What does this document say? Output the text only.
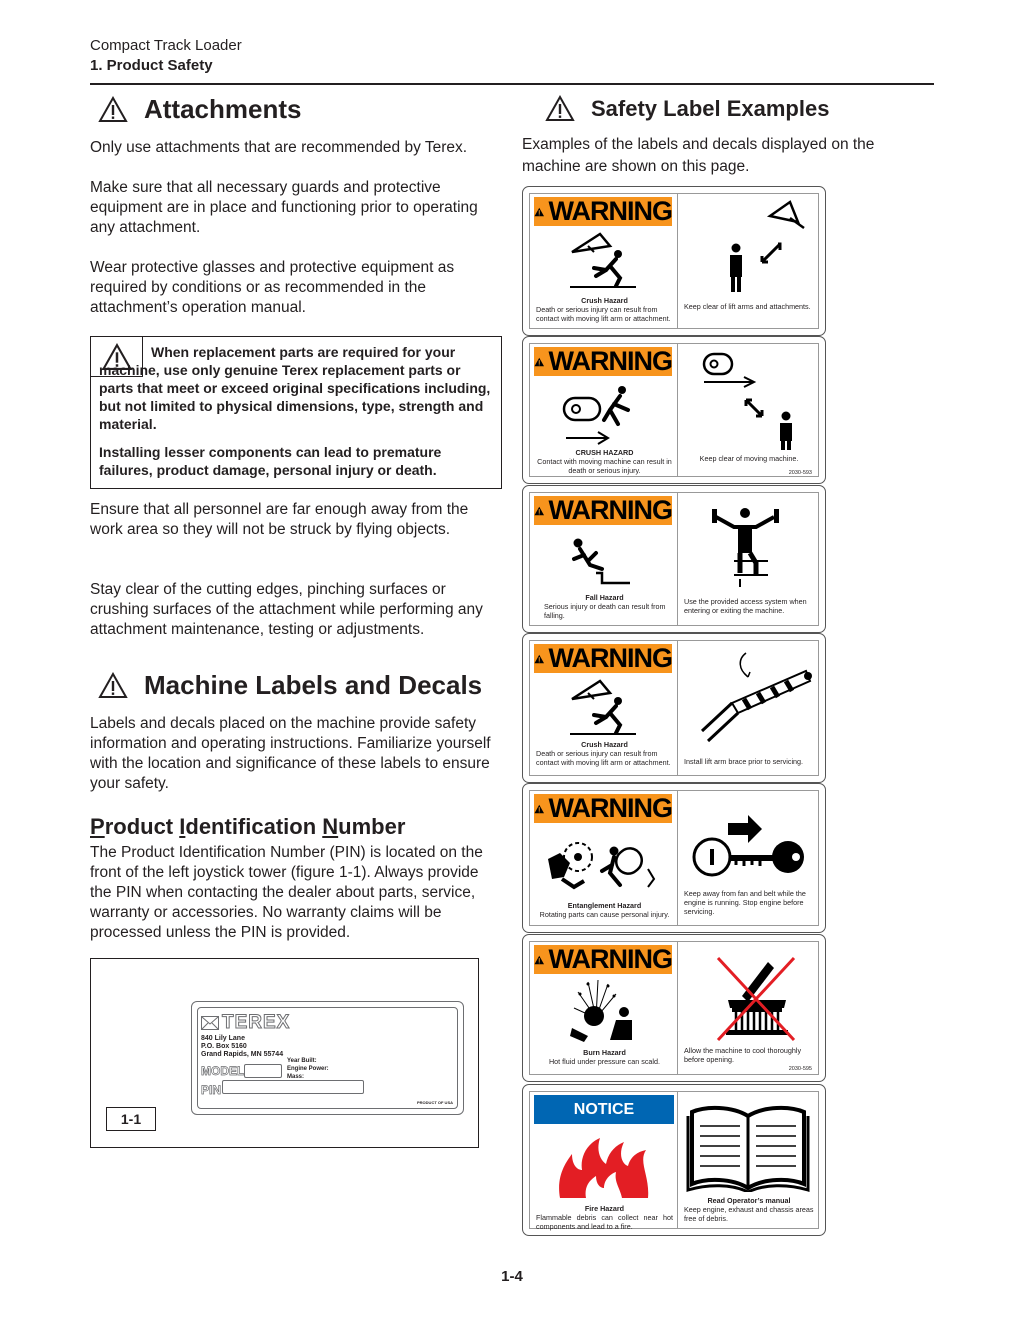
Compact Track Loader
1. Product Safety
Attachments
Only use attachments that are recommended by Terex.
Make sure that all necessary guards and protective equipment are in place and functioning prior to operating any attachment.
Wear protective glasses and protective equipment as required by conditions or as recommended in the attachment’s operation manual.

When replacement parts are required for your machine, use only genuine Terex replacement parts or parts that meet or exceed original specifications including, but not limited to physical dimensions, type, strength and material.

Installing lesser components can lead to premature failures, product damage, personal injury or death.

Ensure that all personnel are far enough away from the work area so they will not be struck by flying objects.
Stay clear of the cutting edges, pinching surfaces or crushing surfaces of the attachment while performing any attachment maintenance, testing or adjustments.
Machine Labels and Decals
Labels and decals placed on the machine provide safety information and operating instructions. Familiarize yourself with the location and significance of these labels to ensure your safety.
Product Identification Number
The Product Identification Number (PIN) is located on the front of the left joystick tower (figure 1-1). Always provide the PIN when contacting the dealer about parts, service, warranty or accessories. No warranty claims will be processed unless the PIN is provided.
TEREX
840 Lily Lane
P.O. Box 5160
Grand Rapids, MN 55744
Year Built:
Engine Power:
Mass:
MODEL
PIN
PRODUCT OF USA
1-1
Safety Label Examples
Examples of the labels and decals displayed on the machine are shown on this page.
WARNING
Crush Hazard
Death or serious injury can result from contact with moving lift arm or attachment.
Keep clear of lift arms and attachments.
WARNING
CRUSH HAZARD
Contact with moving machine can result in death or serious injury.
Keep clear of moving machine.
2030-593
WARNING
Fall Hazard
Serious injury or death can result from falling.
Use the provided access system when entering or exiting the machine.
WARNING
Crush Hazard
Death or serious injury can result from contact with moving lift arm or attachment.	Install lift arm brace prior to servicing.
WARNING
Entanglement Hazard
Rotating parts can cause personal injury.
Keep away from fan and belt while the engine is running. Stop engine before servicing.
WARNING
Burn Hazard
Hot fluid under pressure can scald.
Allow the machine to cool thoroughly before opening.
2030-595
NOTICE
Fire Hazard
Flammable debris can collect near hot components and lead to a fire.
Read Operator’s manual
Keep engine, exhaust and chassis areas free of debris.
1-4
